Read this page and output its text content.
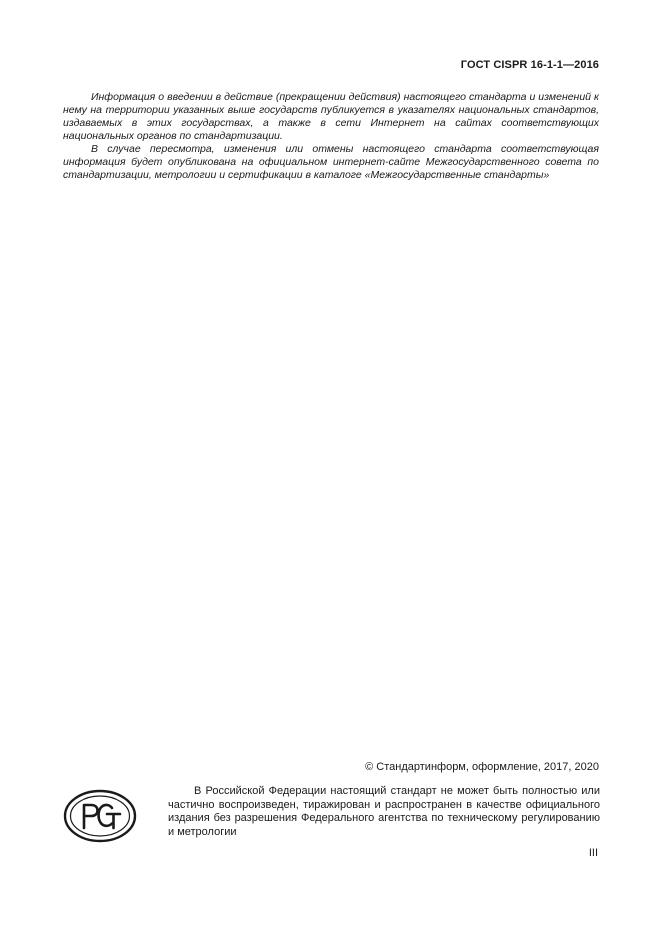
ГОСТ CISPR 16-1-1—2016

Информация о введении в действие (прекращении действия) настоящего стандарта и изменений к нему на территории указанных выше государств публикуется в указателях национальных стандартов, издаваемых в этих государствах, а также в сети Интернет на сайтах соответствующих национальных органов по стандартизации.

В случае пересмотра, изменения или отмены настоящего стандарта соответствующая информация будет опубликована на официальном интернет-сайте Межгосударственного совета по стандартизации, метрологии и сертификации в каталоге «Межгосударственные стандарты»

© Стандартинформ, оформление, 2017, 2020

В Российской Федерации настоящий стандарт не может быть полностью или частично воспроизведен, тиражирован и распространен в качестве официального издания без разрешения Федерального агентства по техническому регулированию и метрологии

III
